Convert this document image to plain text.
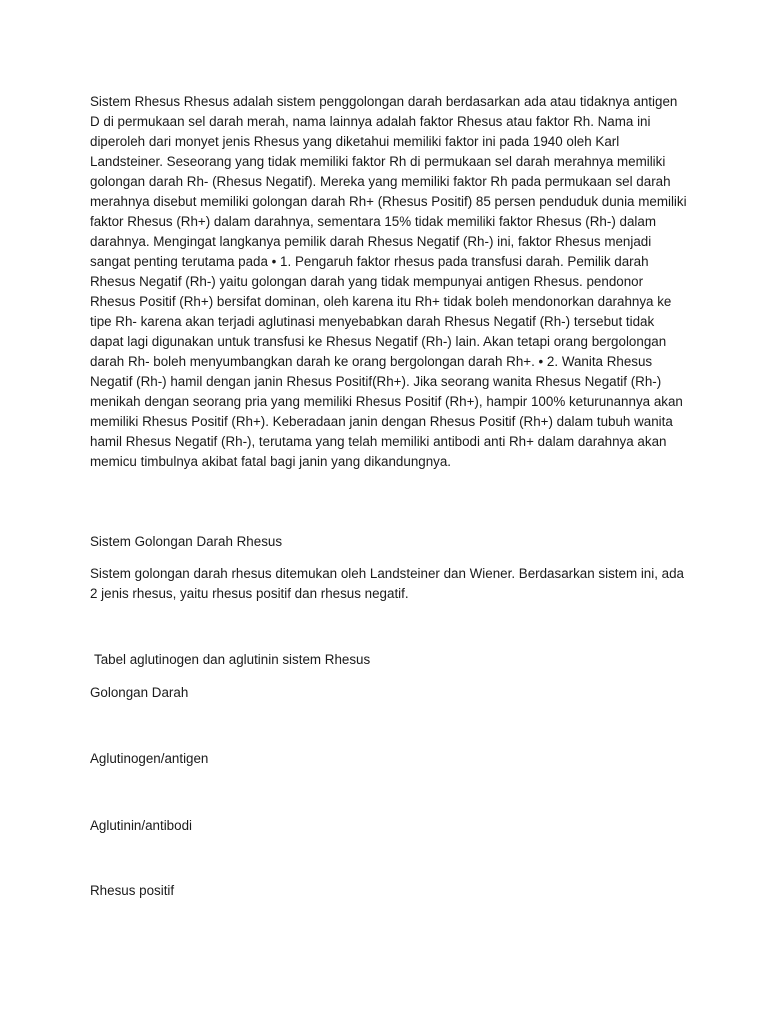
Sistem Rhesus Rhesus adalah sistem penggolongan darah berdasarkan ada atau tidaknya antigen D di permukaan sel darah merah, nama lainnya adalah faktor Rhesus atau faktor Rh. Nama ini diperoleh dari monyet jenis Rhesus yang diketahui memiliki faktor ini pada 1940 oleh Karl Landsteiner. Seseorang yang tidak memiliki faktor Rh di permukaan sel darah merahnya memiliki golongan darah Rh- (Rhesus Negatif). Mereka yang memiliki faktor Rh pada permukaan sel darah merahnya disebut memiliki golongan darah Rh+ (Rhesus Positif) 85 persen penduduk dunia memiliki faktor Rhesus (Rh+) dalam darahnya, sementara 15% tidak memiliki faktor Rhesus (Rh-) dalam darahnya. Mengingat langkanya pemilik darah Rhesus Negatif (Rh-) ini, faktor Rhesus menjadi sangat penting terutama pada • 1. Pengaruh faktor rhesus pada transfusi darah. Pemilik darah Rhesus Negatif (Rh-) yaitu golongan darah yang tidak mempunyai antigen Rhesus. pendonor Rhesus Positif (Rh+) bersifat dominan, oleh karena itu Rh+ tidak boleh mendonorkan darahnya ke tipe Rh- karena akan terjadi aglutinasi menyebabkan darah Rhesus Negatif (Rh-) tersebut tidak dapat lagi digunakan untuk transfusi ke Rhesus Negatif (Rh-) lain. Akan tetapi orang bergolongan darah Rh- boleh menyumbangkan darah ke orang bergolongan darah Rh+. • 2. Wanita Rhesus Negatif (Rh-) hamil dengan janin Rhesus Positif(Rh+). Jika seorang wanita Rhesus Negatif (Rh-) menikah dengan seorang pria yang memiliki Rhesus Positif (Rh+), hampir 100% keturunannya akan memiliki Rhesus Positif (Rh+). Keberadaan janin dengan Rhesus Positif (Rh+) dalam tubuh wanita hamil Rhesus Negatif (Rh-), terutama yang telah memiliki antibodi anti Rh+ dalam darahnya akan memicu timbulnya akibat fatal bagi janin yang dikandungnya.

Sistem Golongan Darah Rhesus

Sistem golongan darah rhesus ditemukan oleh Landsteiner dan Wiener. Berdasarkan sistem ini, ada 2 jenis rhesus, yaitu rhesus positif dan rhesus negatif.

Tabel aglutinogen dan aglutinin sistem Rhesus

Golongan Darah

Aglutinogen/antigen

Aglutinin/antibodi

Rhesus positif
